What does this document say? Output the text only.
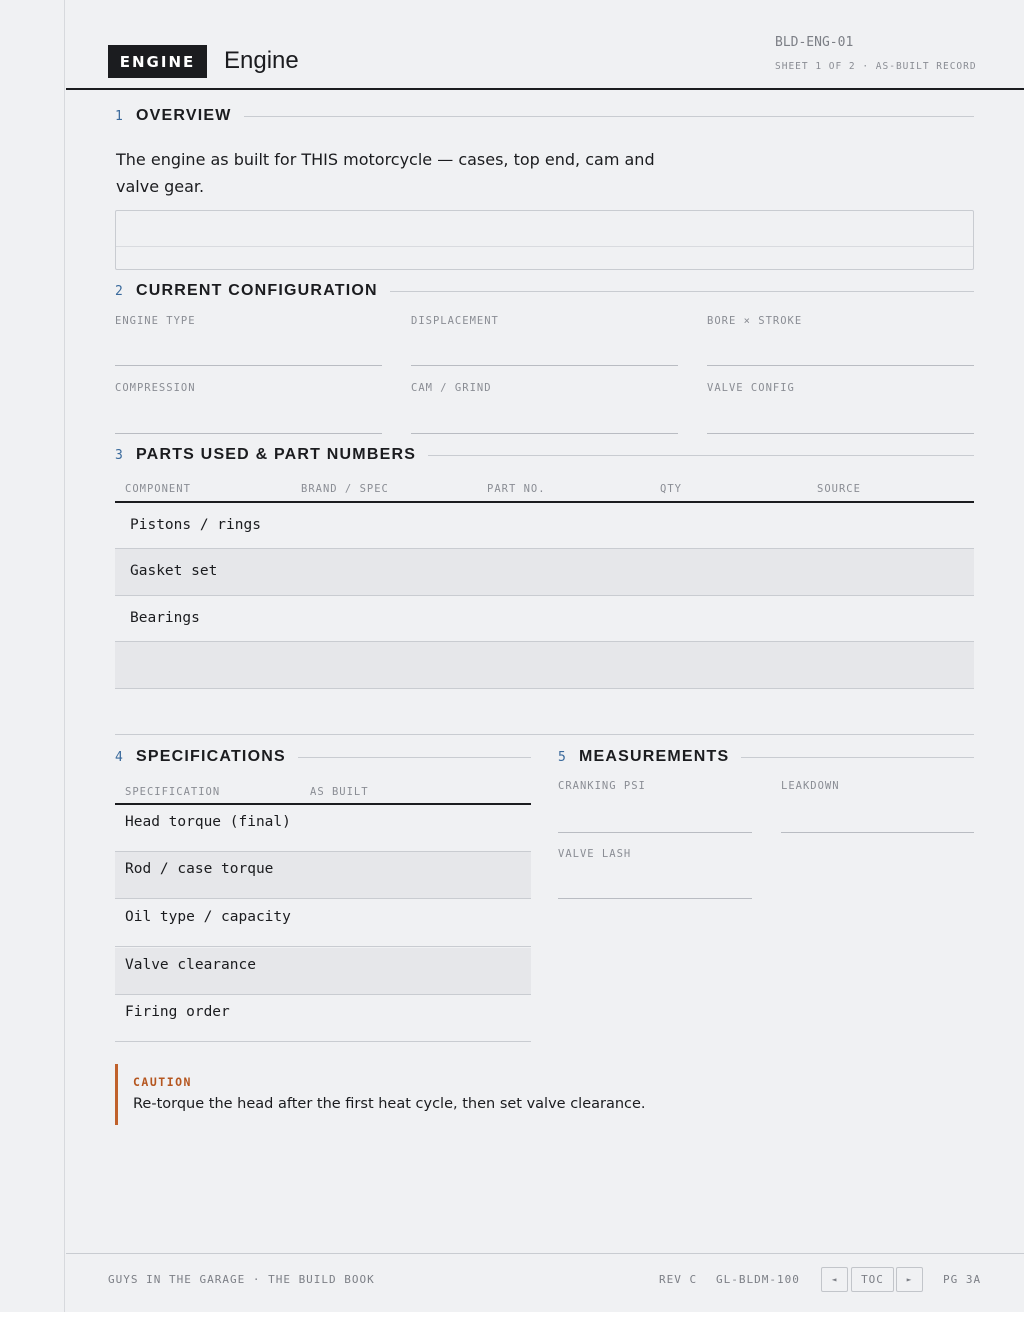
ENGINE	Engine
BLD-ENG-01
SHEET 1 OF 2 · AS-BUILT RECORD
1 OVERVIEW
The engine as built for THIS motorcycle — cases, top end, cam and valve gear.
2 CURRENT CONFIGURATION
ENGINE TYPE	DISPLACEMENT	BORE × STROKE
COMPRESSION	CAM / GRIND	VALVE CONFIG
3 PARTS USED & PART NUMBERS
COMPONENT	BRAND / SPEC	PART NO.	QTY	SOURCE
Pistons / rings
Gasket set
Bearings
4 SPECIFICATIONS
SPECIFICATION	AS BUILT
Head torque (final)
Rod / case torque
Oil type / capacity
Valve clearance
Firing order
5 MEASUREMENTS
CRANKING PSI	LEAKDOWN
VALVE LASH
CAUTION
Re-torque the head after the first heat cycle, then set valve clearance.
GUYS IN THE GARAGE · THE BUILD BOOK	REV C GL-BLDM-100	◄	TOC	►	PG 3A
